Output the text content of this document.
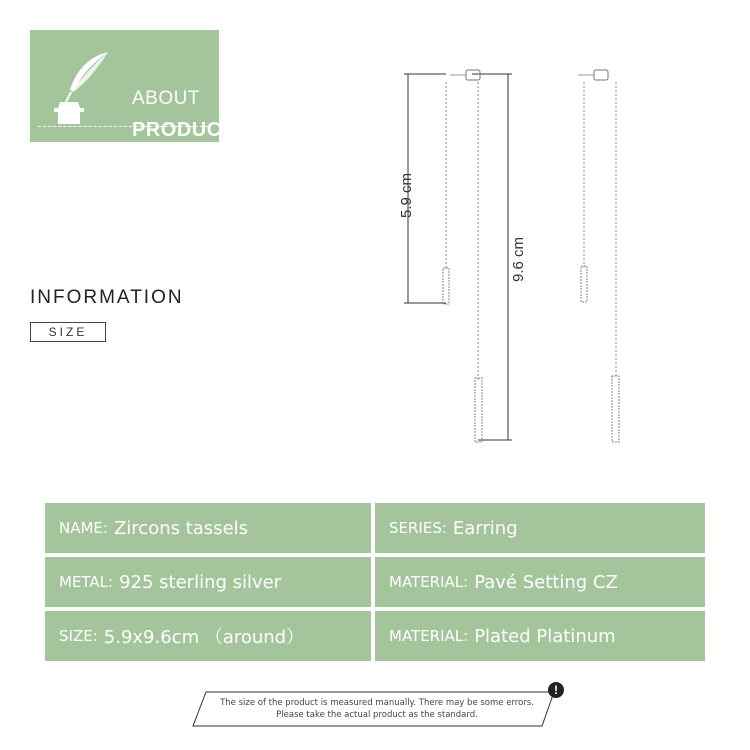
ABOUT
PRODUCT
INFORMATION
SIZE
5.9 cm
9.6 cm
NAME: Zircons tassels	SERIES: Earring
METAL: 925 sterling silver	MATERIAL: Pavé Setting CZ
SIZE: 5.9x9.6cm （around）	MATERIAL: Plated Platinum
The size of the product is measured manually. There may be some errors.
Please take the actual product as the standard.
!
